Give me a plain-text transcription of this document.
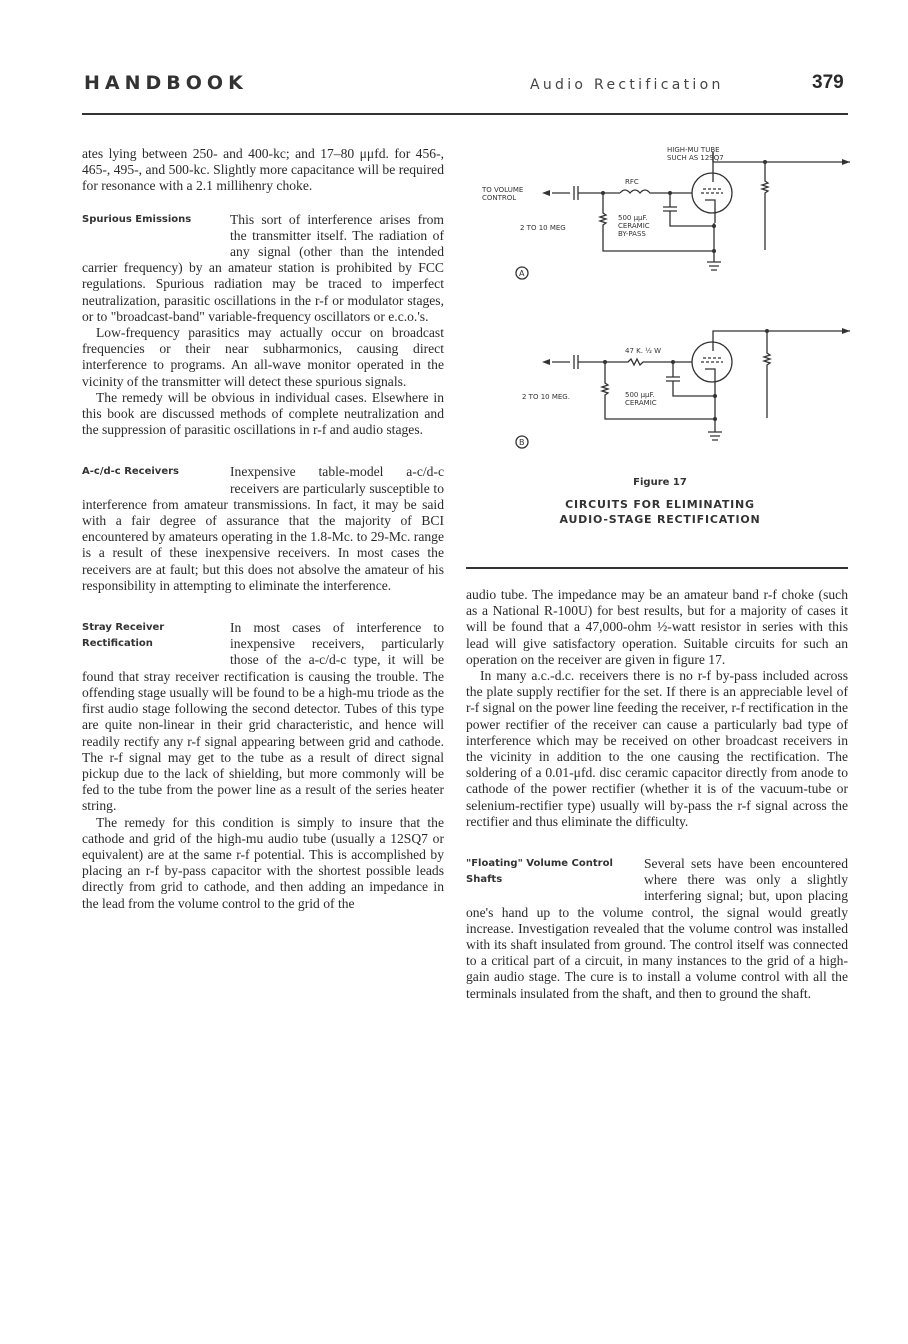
HANDBOOK	Audio Rectification	379

ates lying between 250- and 400-kc; and 17–80 μμfd. for 456-, 465-, 495-, and 500-kc. Slightly more capacitance will be required for resonance with a 2.1 millihenry choke.

Spurious Emissions	This sort of interference arises from the transmitter itself. The radiation of any signal (other than the intended carrier frequency) by an amateur station is prohibited by FCC regulations. Spurious radiation may be traced to imperfect neutralization, parasitic oscillations in the r-f or modulator stages, or to "broadcast-band" variable-frequency oscillators or e.c.o.'s.

Low-frequency parasitics may actually occur on broadcast frequencies or their near subharmonics, causing direct interference to programs. An all-wave monitor operated in the vicinity of the transmitter will detect these spurious signals.

The remedy will be obvious in individual cases. Elsewhere in this book are discussed methods of complete neutralization and the suppression of parasitic oscillations in r-f and audio stages.

A-c/d-c Receivers	Inexpensive table-model a-c/d-c receivers are particularly susceptible to interference from amateur transmissions. In fact, it may be said with a fair degree of assurance that the majority of BCI encountered by amateurs operating in the 1.8-Mc. to 29-Mc. range is a result of these inexpensive receivers. In most cases the receivers are at fault; but this does not absolve the amateur of his responsibility in attempting to eliminate the interference.

Stray Receiver Rectification

In most cases of interference to inexpensive receivers, particularly those of the a-c/d-c type, it will be found that stray receiver rectification is causing the trouble. The offending stage usually will be found to be a high-mu triode as the first audio stage following the second detector. Tubes of this type are quite non-linear in their grid characteristic, and hence will readily rectify any r-f signal appearing between grid and cathode. The r-f signal may get to the tube as a result of direct signal pickup due to the lack of shielding, but more commonly will be fed to the tube from the power line as a result of the series heater string.

The remedy for this condition is simply to insure that the cathode and grid of the high-mu audio tube (usually a 12SQ7 or equivalent) are at the same r-f potential. This is accomplished by placing an r-f by-pass capacitor with the shortest possible leads directly from grid to cathode, and then adding an impedance in the lead from the volume control to the grid of the

HIGH-MU TUBE
SUCH AS 12SQ7
TO VOLUME
CONTROL
RFC
2 TO 10 MEG
500 μμF.
CERAMIC
BY-PASS
A
47 K. ½ W
2 TO 10 MEG.	500 μμF.
CERAMIC
B
Figure 17
CIRCUITS FOR ELIMINATING AUDIO-STAGE RECTIFICATION

audio tube. The impedance may be an amateur band r-f choke (such as a National R-100U) for best results, but for a majority of cases it will be found that a 47,000-ohm ½-watt resistor in series with this lead will give satisfactory operation. Suitable circuits for such an operation on the receiver are given in figure 17.

In many a.c.-d.c. receivers there is no r-f by-pass included across the plate supply rectifier for the set. If there is an appreciable level of r-f signal on the power line feeding the receiver, r-f rectification in the power rectifier of the receiver can cause a particularly bad type of interference which may be received on other broadcast receivers in the vicinity in addition to the one causing the rectification. The soldering of a 0.01-μfd. disc ceramic capacitor directly from anode to cathode of the power rectifier (whether it is of the vacuum-tube or selenium-rectifier type) usually will by-pass the r-f signal across the rectifier and thus eliminate the difficulty.

"Floating" Volume Control Shafts

Several sets have been encountered where there was only a slightly interfering signal; but, upon placing one's hand up to the volume control, the signal would greatly increase. Investigation revealed that the volume control was installed with its shaft insulated from ground. The control itself was connected to a critical part of a circuit, in many instances to the grid of a high-gain audio stage. The cure is to install a volume control with all the terminals insulated from the shaft, and then to ground the shaft.
